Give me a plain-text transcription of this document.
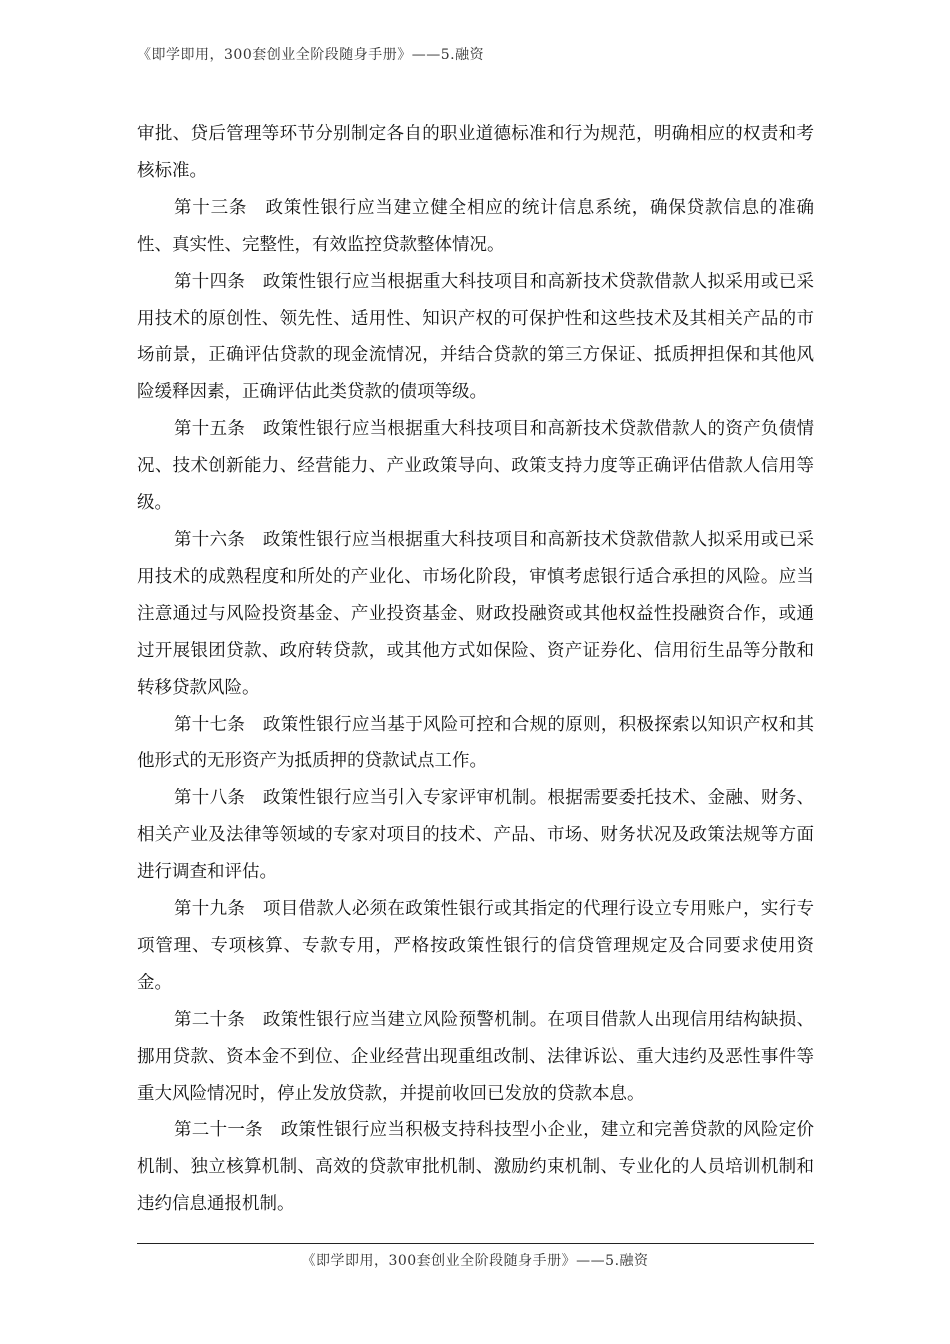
《即学即用，300套创业全阶段随身手册》——5.融资

审批、贷后管理等环节分别制定各自的职业道德标准和行为规范，明确相应的权责和考核标准。

第十三条　政策性银行应当建立健全相应的统计信息系统，确保贷款信息的准确性、真实性、完整性，有效监控贷款整体情况。

第十四条　政策性银行应当根据重大科技项目和高新技术贷款借款人拟采用或已采用技术的原创性、领先性、适用性、知识产权的可保护性和这些技术及其相关产品的市场前景，正确评估贷款的现金流情况，并结合贷款的第三方保证、抵质押担保和其他风险缓释因素，正确评估此类贷款的债项等级。

第十五条　政策性银行应当根据重大科技项目和高新技术贷款借款人的资产负债情况、技术创新能力、经营能力、产业政策导向、政策支持力度等正确评估借款人信用等级。

第十六条　政策性银行应当根据重大科技项目和高新技术贷款借款人拟采用或已采用技术的成熟程度和所处的产业化、市场化阶段，审慎考虑银行适合承担的风险。应当注意通过与风险投资基金、产业投资基金、财政投融资或其他权益性投融资合作，或通过开展银团贷款、政府转贷款，或其他方式如保险、资产证券化、信用衍生品等分散和转移贷款风险。

第十七条　政策性银行应当基于风险可控和合规的原则，积极探索以知识产权和其他形式的无形资产为抵质押的贷款试点工作。

第十八条　政策性银行应当引入专家评审机制。根据需要委托技术、金融、财务、相关产业及法律等领域的专家对项目的技术、产品、市场、财务状况及政策法规等方面进行调查和评估。

第十九条　项目借款人必须在政策性银行或其指定的代理行设立专用账户，实行专项管理、专项核算、专款专用，严格按政策性银行的信贷管理规定及合同要求使用资金。

第二十条　政策性银行应当建立风险预警机制。在项目借款人出现信用结构缺损、挪用贷款、资本金不到位、企业经营出现重组改制、法律诉讼、重大违约及恶性事件等重大风险情况时，停止发放贷款，并提前收回已发放的贷款本息。

第二十一条　政策性银行应当积极支持科技型小企业，建立和完善贷款的风险定价机制、独立核算机制、高效的贷款审批机制、激励约束机制、专业化的人员培训机制和违约信息通报机制。

《即学即用，300套创业全阶段随身手册》——5.融资
